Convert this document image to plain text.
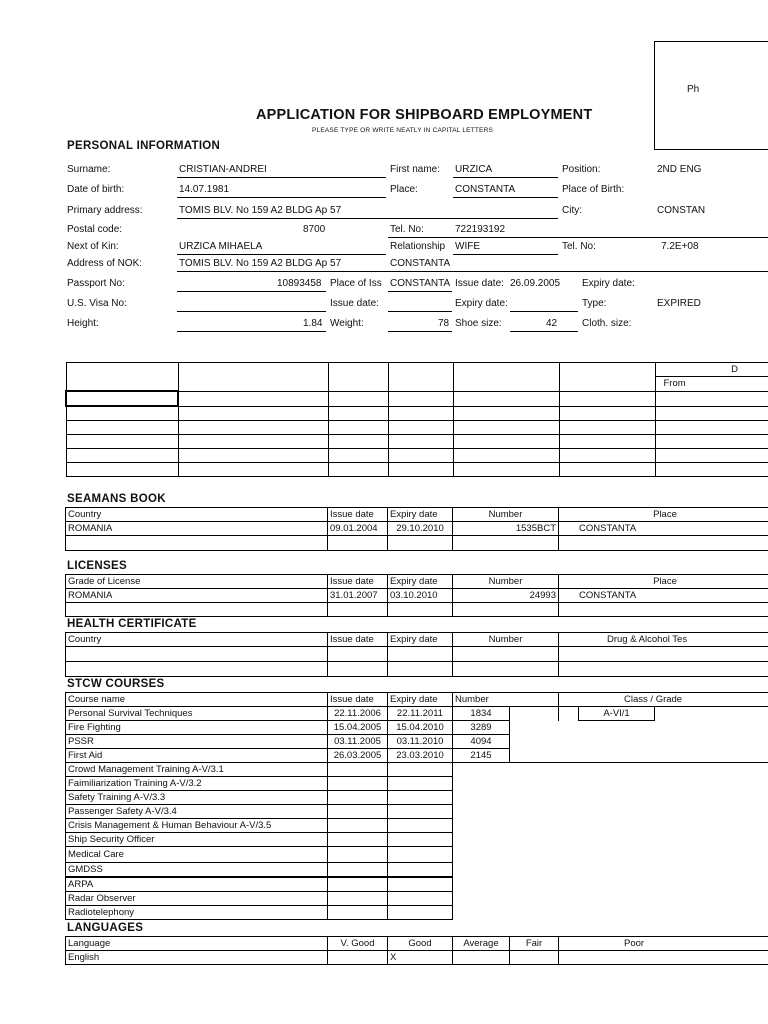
Ph
APPLICATION FOR SHIPBOARD EMPLOYMENT
PLEASE TYPE OR WRITE NEATLY IN CAPITAL LETTERS
PERSONAL INFORMATION
Surname:	CRISTIAN-ANDREI	First name: URZICA	Position:	2ND ENG
Date of birth:	14.07.1981	Place:	CONSTANTA	Place of Birth:
Primary address:	TOMIS BLV. No 159 A2 BLDG Ap 57	City:	CONSTAN
Postal code:	8700	Tel. No:	722193192
Next of Kin:	URZICA MIHAELA	Relationship WIFE	Tel. No:	7.2E+08
Address of NOK:	TOMIS BLV. No 159 A2 BLDG Ap 57	CONSTANTA
Passport No:	10893458 Place of Iss CONSTANTA Issue date: 26.09.2005 Expiry date:
U.S. Visa No:	Issue date:	Expiry date:	Type:	EXPIRED
Height:	1.84 Weight:	78 Shoe size:	42 Cloth. size:
						D
						From

SEAMANS BOOK
Country	Issue date	Expiry date	Number	Place
ROMANIA	09.01.2004	29.10.2010	1535BCT	CONSTANTA

LICENSES
Grade of License	Issue date	Expiry date	Number	Place
ROMANIA	31.01.2007	03.10.2010	24993	CONSTANTA

HEALTH CERTIFICATE
Country	Issue date	Expiry date	Number	Drug & Alcohol Tes

STCW COURSES
Course name	Issue date	Expiry date	Number		Class / Grade		
Personal Survival Techniques	22.11.2006	22.11.2011	1834			A-VI/1	
Fire Fighting	15.04.2005	15.04.2010	3289				
PSSR	03.11.2005	03.11.2010	4094				
First Aid	26.03.2005	23.03.2010	2145				
Crowd Management Training A-V/3.1							
Faimiliarization Training A-V/3.2							
Safety Training A-V/3.3							
Passenger Safety A-V/3.4							
Crisis Management & Human Behaviour A-V/3.5							
Ship Security Officer							
Medical Care							
GMDSS							
ARPA							
Radar Observer							
Radiotelephony							
LANGUAGES
Language	V. Good	Good	Average	Fair	Poor
English		X			
